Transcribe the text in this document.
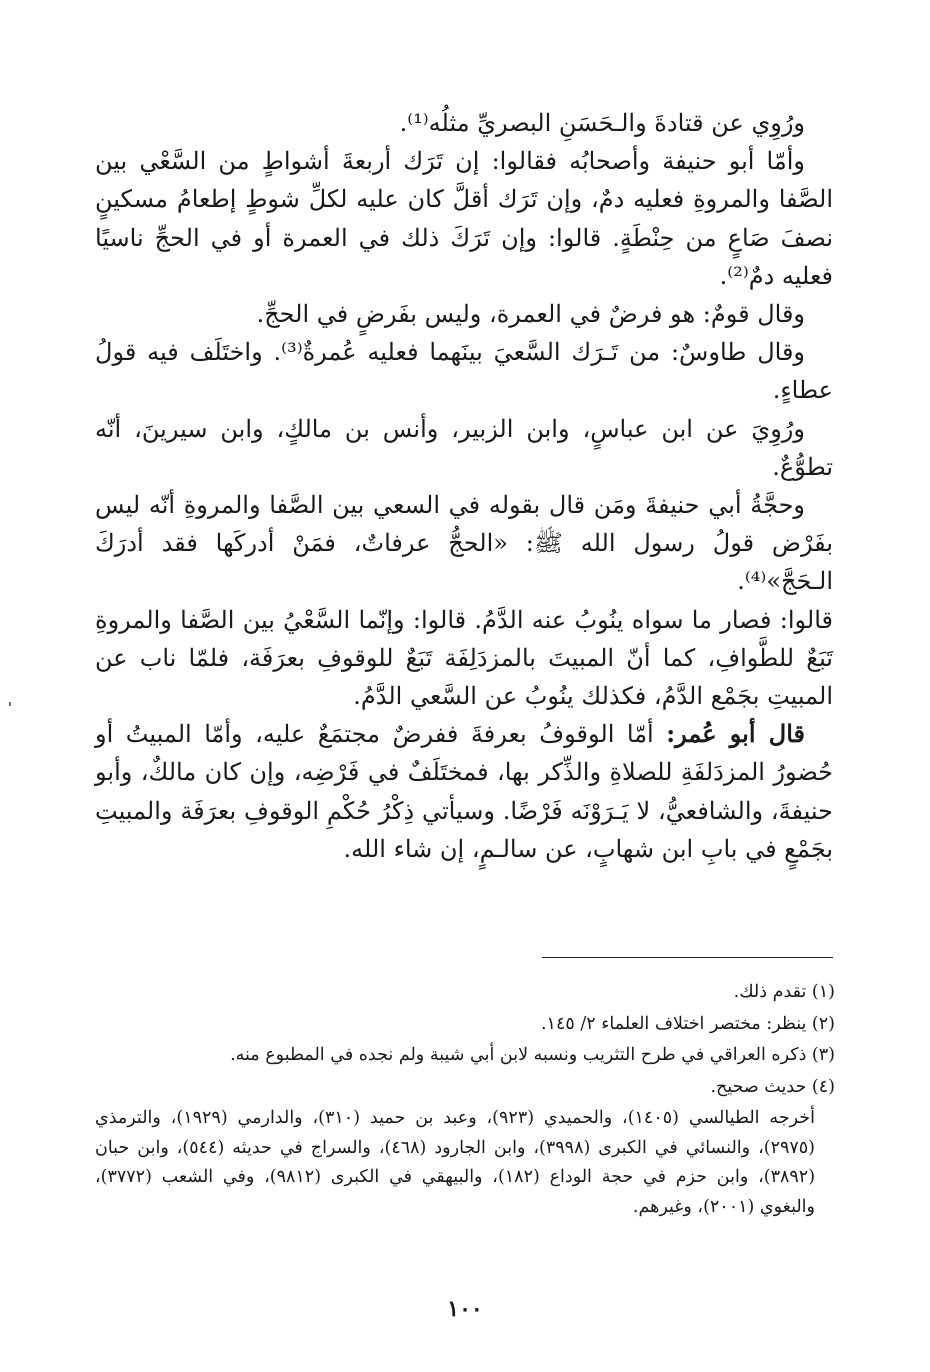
ورُوِي عن قتادةَ والـحَسَنِ البصريِّ مثلُه⁽¹⁾.

وأمّا أبو حنيفة وأصحابُه فقالوا: إن تَرَك أربعةَ أشواطٍ من السَّعْي بين الصَّفا والمروةِ فعليه دمٌ، وإن تَرَك أقلَّ كان عليه لكلِّ شوطٍ إطعامُ مسكينٍ نصفَ صَاعٍ من حِنْطَةٍ. قالوا: وإن تَرَكَ ذلك في العمرة أو في الحجِّ ناسيًا فعليه دمٌ⁽²⁾.

وقال قومٌ: هو فرضٌ في العمرة، وليس بفَرضٍ في الحجِّ.

وقال طاوسٌ: من تَـرَك السَّعيَ بينَهما فعليه عُمرةٌ⁽³⁾. واختَلَف فيه قولُ عطاءٍ.

ورُوِيَ عن ابن عباسٍ، وابن الزبير، وأنس بن مالكٍ، وابن سيرينَ، أنّه تطوُّعٌ.

وحجَّةُ أبي حنيفةَ ومَن قال بقوله في السعي بين الصَّفا والمروةِ أنّه ليس بفَرْض قولُ رسول الله ﷺ: «الحجُّ عرفاتٌ، فمَنْ أدركَها فقد أدرَكَ الـحَجَّ»⁽⁴⁾.

قالوا: فصار ما سواه ينُوبُ عنه الدَّمُ. قالوا: وإنّما السَّعْيُ بين الصَّفا والمروةِ تَبَعٌ للطَّوافِ، كما أنّ المبيتَ بالمزدَلِفَة تَبَعٌ للوقوفِ بعرَفَة، فلمّا ناب عن المبيتِ بجَمْع الدَّمُ، فكذلك ينُوبُ عن السَّعي الدَّمُ.

قال أبو عُمر: أمّا الوقوفُ بعرفةَ ففرضٌ مجتمَعٌ عليه، وأمّا المبيتُ أو حُضورُ المزدَلفَةِ للصلاةِ والذِّكر بها، فمختَلَفٌ في فَرْضِه، وإن كان مالكٌ، وأبو حنيفةَ، والشافعيُّ، لا يَـرَوْنَه فَرْضًا. وسيأتي ذِكْرُ حُكْمِ الوقوفِ بعرَفَة والمبيتِ بجَمْعٍ في بابِ ابن شهابٍ، عن سالـمٍ، إن شاء الله.

(١) تقدم ذلك.

(٢) ينظر: مختصر اختلاف العلماء ٢/ ١٤٥.

(٣) ذكره العراقي في طرح التثريب ونسبه لابن أبي شيبة ولم نجده في المطبوع منه.

(٤) حديث صحيح.

أخرجه الطيالسي (١٤٠٥)، والحميدي (٩٢٣)، وعبد بن حميد (٣١٠)، والدارمي (١٩٢٩)، والترمذي (٢٩٧٥)، والنسائي في الكبرى (٣٩٩٨)، وابن الجارود (٤٦٨)، والسراج في حديثه (٥٤٤)، وابن حبان (٣٨٩٢)، وابن حزم في حجة الوداع (١٨٢)، والبيهقي في الكبرى (٩٨١٢)، وفي الشعب (٣٧٧٢)، والبغوي (٢٠٠١)، وغيرهم.

١٠٠
